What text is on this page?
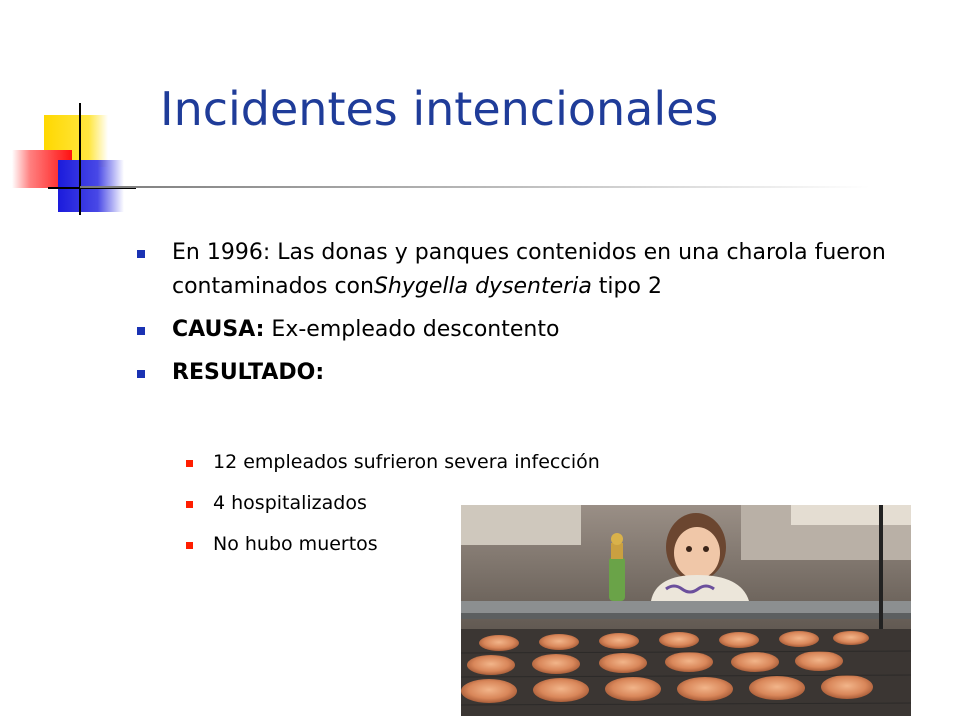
Incidentes intencionales
En 1996: Las donas y panques contenidos en una charola fueron contaminados conShygella dysenteria tipo 2
CAUSA: Ex-empleado descontento
RESULTADO:
12 empleados sufrieron severa infección
4 hospitalizados
No hubo muertos
